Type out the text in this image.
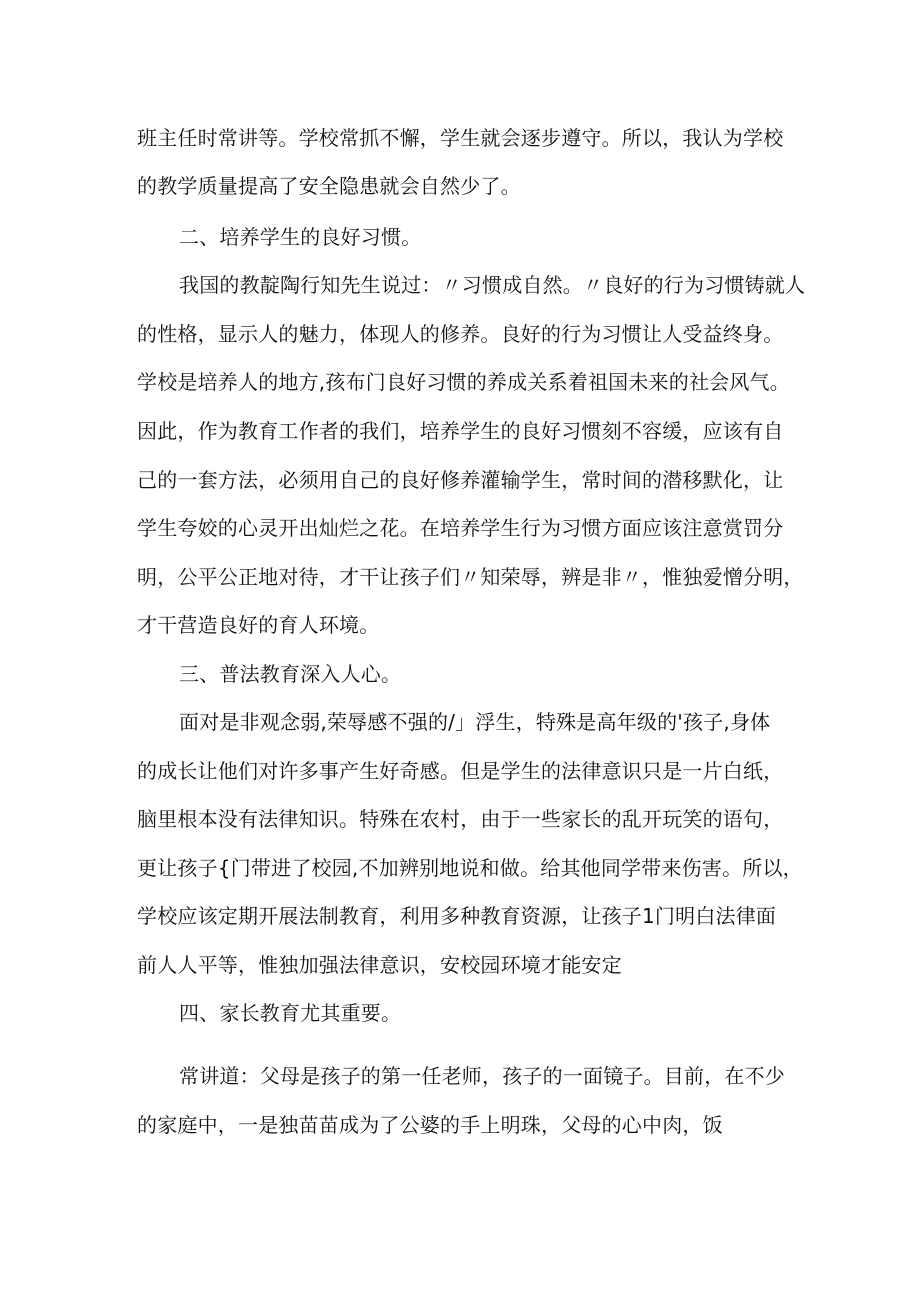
班主任时常讲等。学校常抓不懈，学生就会逐步遵守。所以，我认为学校
的教学质量提高了安全隐患就会自然少了。
二、培养学生的良好习惯。
我国的教靛陶行知先生说过：〃习惯成自然。〃良好的行为习惯铸就人
的性格，显示人的魅力，体现人的修养。良好的行为习惯让人受益终身。
学校是培养人的地方,孩布门良好习惯的养成关系着祖国未来的社会风气。
因此，作为教育工作者的我们，培养学生的良好习惯刻不容缓，应该有自
己的一套方法，必须用自己的良好修养灌输学生，常时间的潜移默化，让
学生夸姣的心灵开出灿烂之花。在培养学生行为习惯方面应该注意赏罚分
明，公平公正地对待，才干让孩子们〃知荣辱，辨是非〃，惟独爱憎分明，
才干营造良好的育人环境。
三、普法教育深入人心。
面对是非观念弱,荣辱感不强的/」浮生，特殊是高年级的'孩子,身体
的成长让他们对许多事产生好奇感。但是学生的法律意识只是一片白纸，
脑里根本没有法律知识。特殊在农村，由于一些家长的乱开玩笑的语句，
更让孩子{门带进了校园,不加辨别地说和做。给其他同学带来伤害。所以，
学校应该定期开展法制教育，利用多种教育资源，让孩子1门明白法律面
前人人平等，惟独加强法律意识，安校园环境才能安定
四、家长教育尤其重要。
常讲道：父母是孩子的第一任老师，孩子的一面镜子。目前，在不少
的家庭中，一是独苗苗成为了公婆的手上明珠，父母的心中肉，饭
